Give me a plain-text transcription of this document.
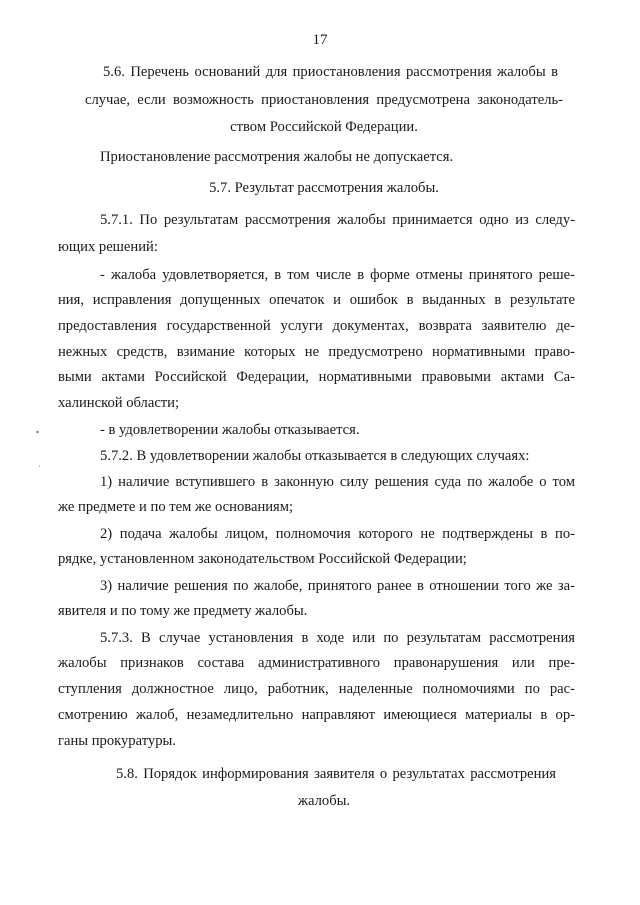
17
5.6. Перечень оснований для приостановления рассмотрения жалобы в
случае, если возможность приостановления предусмотрена законодатель-
ством Российской Федерации.
Приостановление рассмотрения жалобы не допускается.
5.7. Результат рассмотрения жалобы.
5.7.1. По результатам рассмотрения жалобы принимается одно из следу-
ющих решений:
- жалоба удовлетворяется, в том числе в форме отмены принятого реше-
ния, исправления допущенных опечаток и ошибок в выданных в результате
предоставления государственной услуги документах, возврата заявителю де-
нежных средств, взимание которых не предусмотрено нормативными право-
выми актами Российской Федерации, нормативными правовыми актами Са-
халинской области;
- в удовлетворении жалобы отказывается.
5.7.2. В удовлетворении жалобы отказывается в следующих случаях:
1) наличие вступившего в законную силу решения суда по жалобе о том
же предмете и по тем же основаниям;
2) подача жалобы лицом, полномочия которого не подтверждены в по-
рядке, установленном законодательством Российской Федерации;
3) наличие решения по жалобе, принятого ранее в отношении того же за-
явителя и по тому же предмету жалобы.
5.7.3. В случае установления в ходе или по результатам рассмотрения
жалобы признаков состава административного правонарушения или пре-
ступления должностное лицо, работник, наделенные полномочиями по рас-
смотрению жалоб, незамедлительно направляют имеющиеся материалы в ор-
ганы прокуратуры.
5.8. Порядок информирования заявителя о результатах рассмотрения
жалобы.
•
·
